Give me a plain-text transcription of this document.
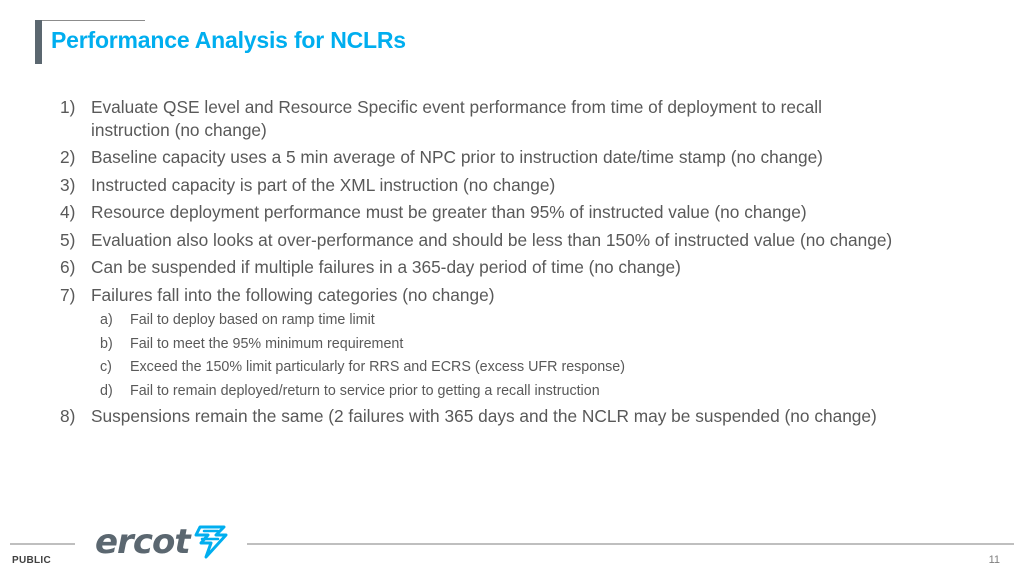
Performance Analysis for NCLRs
1) Evaluate QSE level and Resource Specific event performance from time of deployment to recall instruction (no change)
2) Baseline capacity uses a 5 min average of NPC prior to instruction date/time stamp (no change)
3) Instructed capacity is part of the XML instruction (no change)
4) Resource deployment performance must be greater than 95% of instructed value (no change)
5) Evaluation also looks at over-performance and should be less than 150% of instructed value (no change)
6) Can be suspended if multiple failures in a 365-day period of time (no change)
7) Failures fall into the following categories (no change)
a) Fail to deploy based on ramp time limit
b) Fail to meet the 95% minimum requirement
c) Exceed the 150% limit particularly for RRS and ECRS (excess UFR response)
d) Fail to remain deployed/return to service prior to getting a recall instruction
8) Suspensions remain the same (2 failures with 365 days and the NCLR may be suspended (no change)
ercot
PUBLIC	11
